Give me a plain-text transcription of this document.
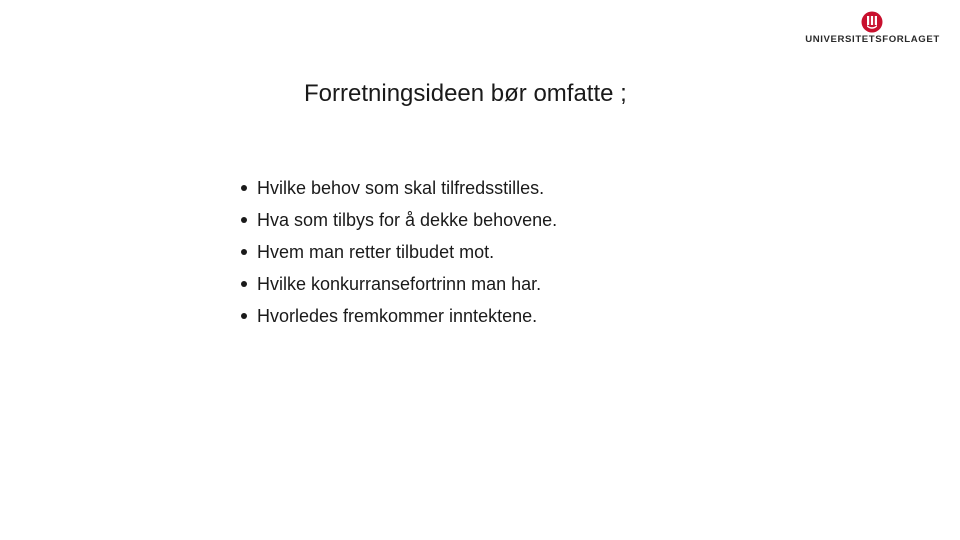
UNIVERSITETSFORLAGET
Forretningsideen bør omfatte ;
Hvilke behov som skal tilfredsstilles.
Hva som tilbys for å dekke behovene.
Hvem man retter tilbudet mot.
Hvilke konkurransefortrinn man har.
Hvorledes fremkommer inntektene.
